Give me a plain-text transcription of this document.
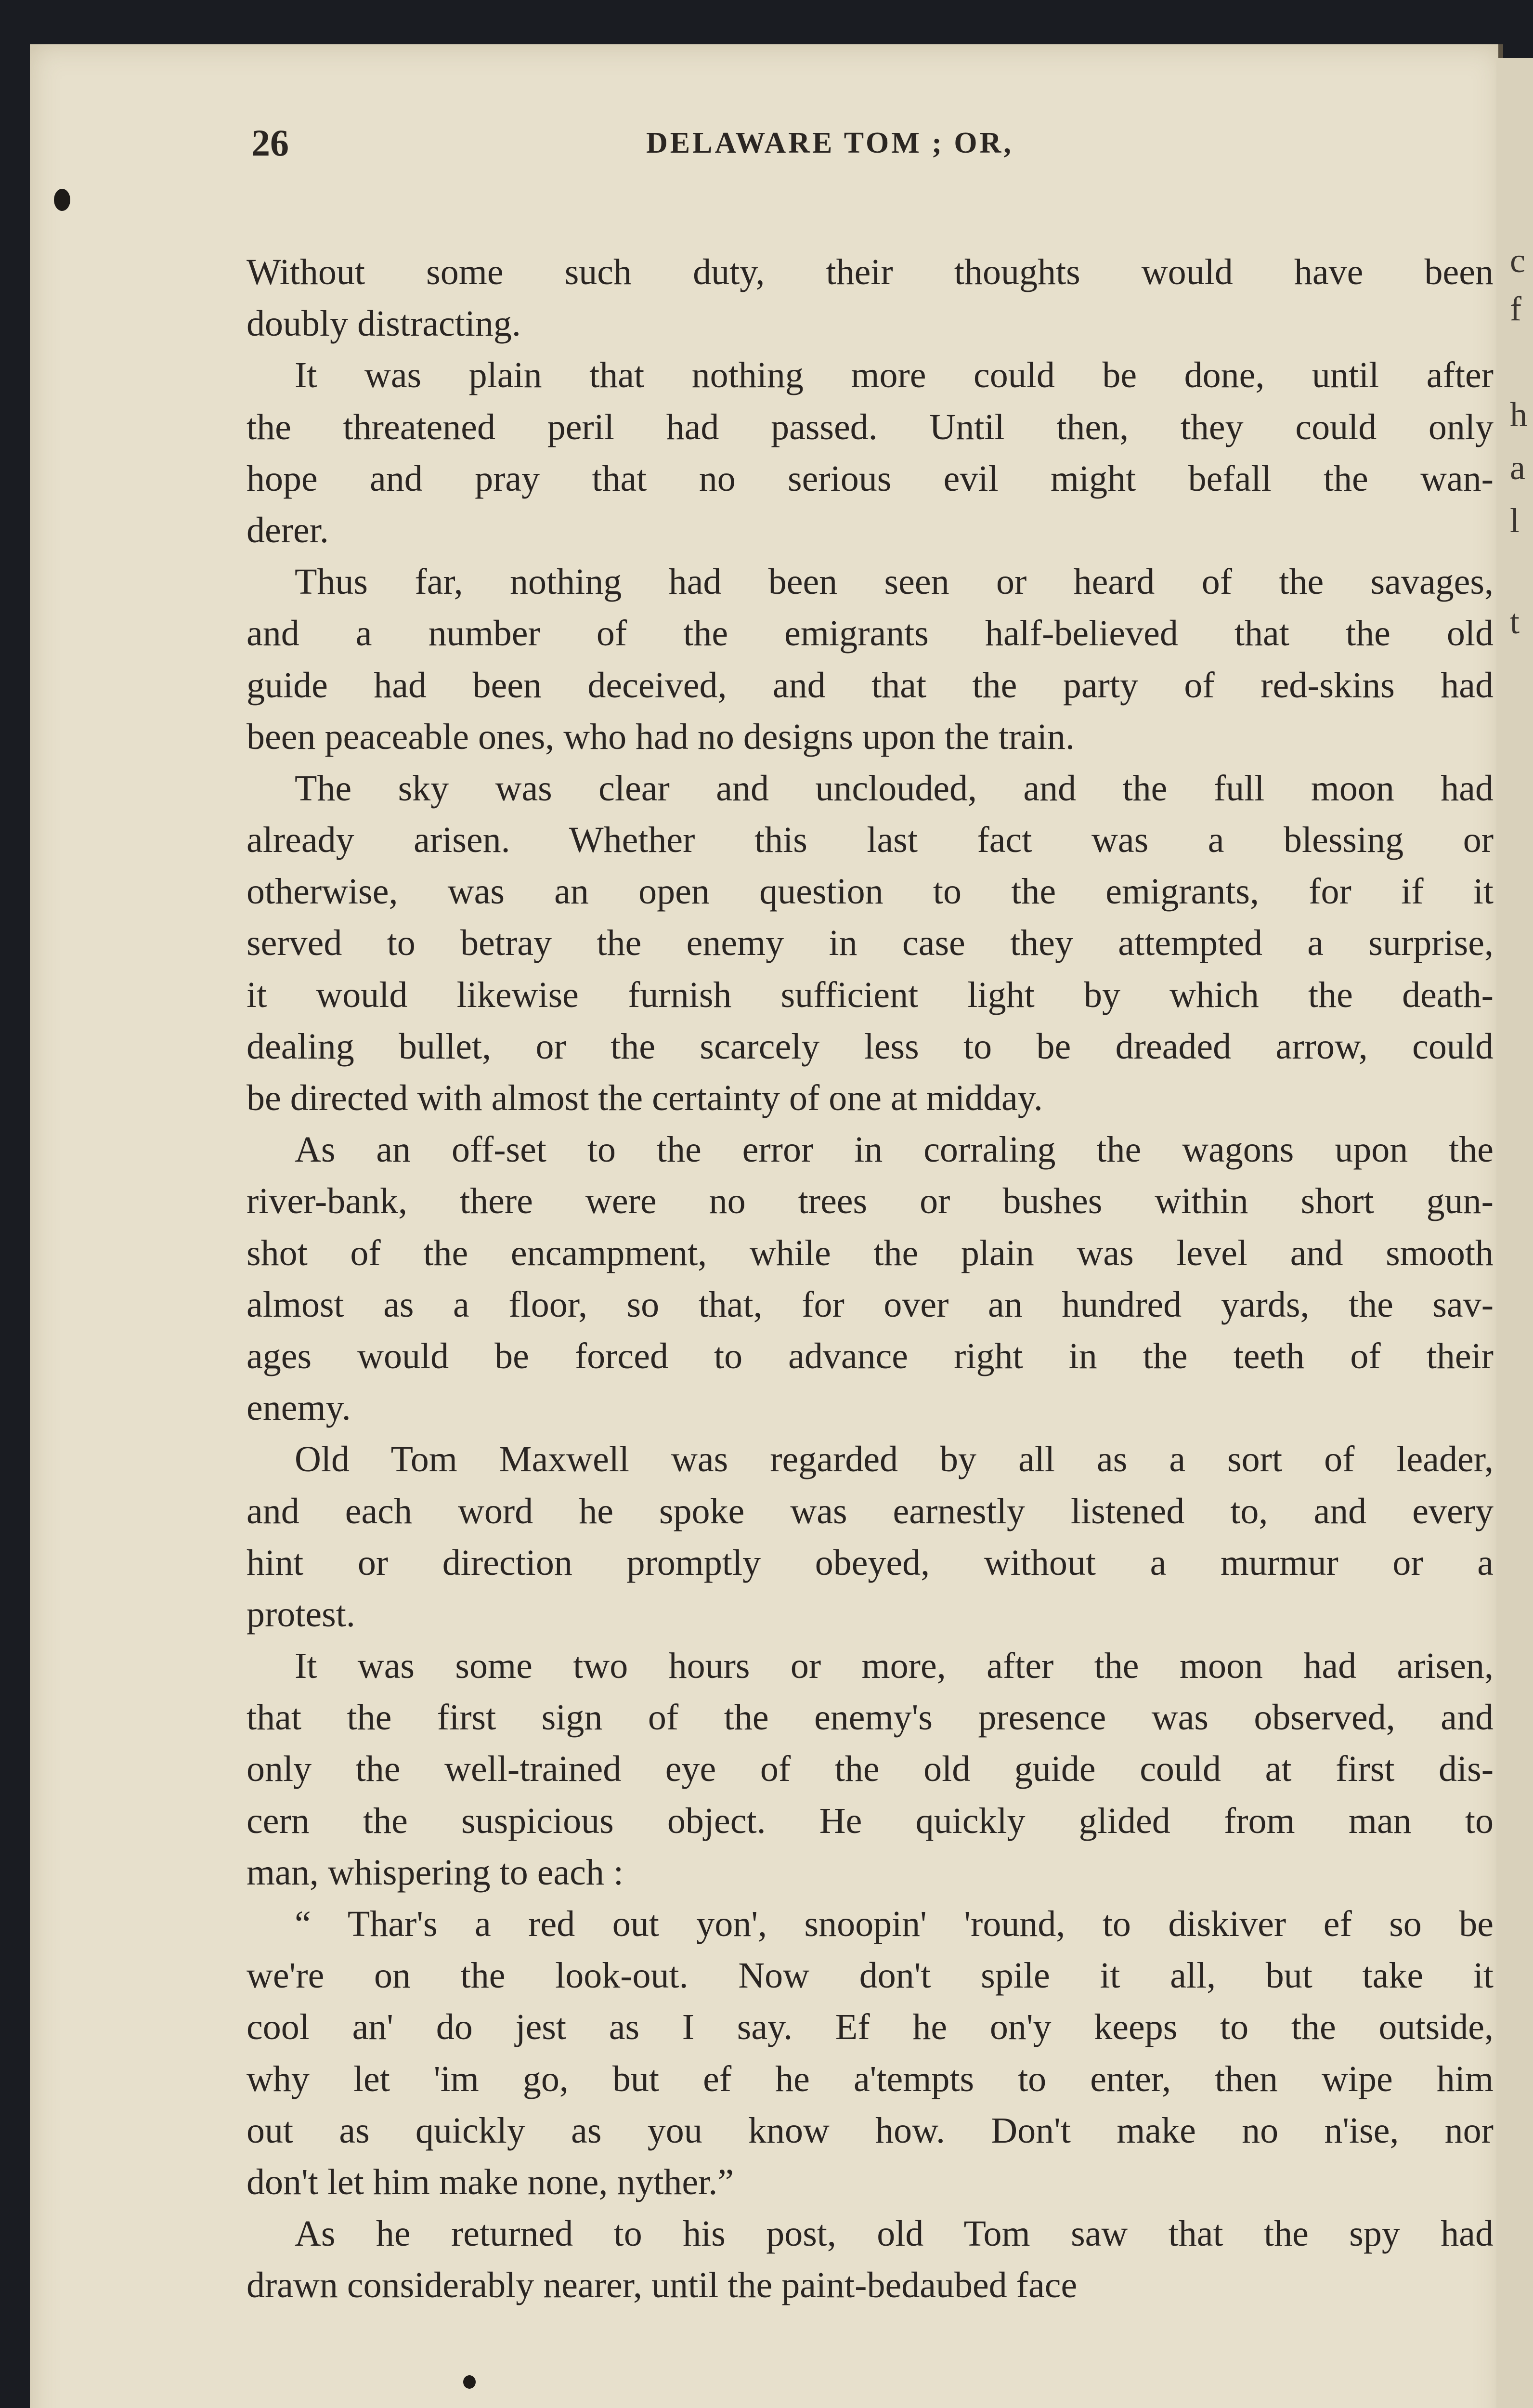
26	DELAWARE TOM ; OR,
Without some such duty, their thoughts would have been
doubly distracting.
It was plain that nothing more could be done, until after
the threatened peril had passed. Until then, they could only
hope and pray that no serious evil might befall the wan-
derer.
Thus far, nothing had been seen or heard of the savages,
and a number of the emigrants half-believed that the old
guide had been deceived, and that the party of red-skins had
been peaceable ones, who had no designs upon the train.
The sky was clear and unclouded, and the full moon had
already arisen. Whether this last fact was a blessing or
otherwise, was an open question to the emigrants, for if it
served to betray the enemy in case they attempted a surprise,
it would likewise furnish sufficient light by which the death-
dealing bullet, or the scarcely less to be dreaded arrow, could
be directed with almost the certainty of one at midday.
As an off-set to the error in corraling the wagons upon the
river-bank, there were no trees or bushes within short gun-
shot of the encampment, while the plain was level and smooth
almost as a floor, so that, for over an hundred yards, the sav-
ages would be forced to advance right in the teeth of their
enemy.
Old Tom Maxwell was regarded by all as a sort of leader,
and each word he spoke was earnestly listened to, and every
hint or direction promptly obeyed, without a murmur or a
protest.
It was some two hours or more, after the moon had arisen,
that the first sign of the enemy's presence was observed, and
only the well-trained eye of the old guide could at first dis-
cern the suspicious object. He quickly glided from man to
man, whispering to each :
“ Thar's a red out yon', snoopin' 'round, to diskiver ef so be
we're on the look-out. Now don't spile it all, but take it
cool an' do jest as I say. Ef he on'y keeps to the outside,
why let 'im go, but ef he a'tempts to enter, then wipe him
out as quickly as you know how. Don't make no n'ise, nor
don't let him make none, nyther.”
As he returned to his post, old Tom saw that the spy had
drawn considerably nearer, until the paint-bedaubed face
c
f
h
a
l
t
